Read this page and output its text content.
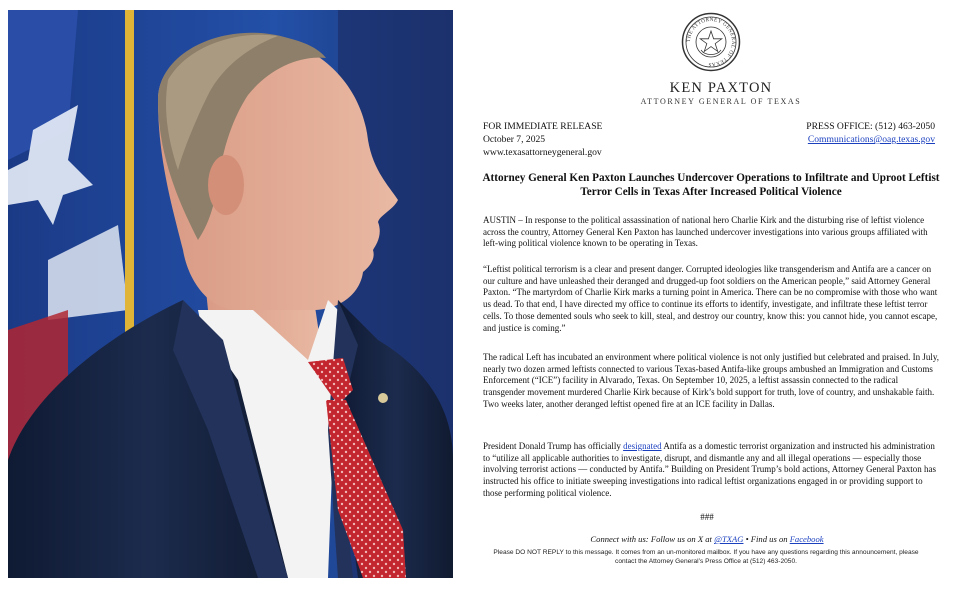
THE ATTORNEY GENERAL OF TEXAS
KEN PAXTON
ATTORNEY GENERAL OF TEXAS
FOR IMMEDIATE RELEASE
October 7, 2025
www.texasattorneygeneral.gov
PRESS OFFICE: (512) 463-2050
Communications@oag.texas.gov
Attorney General Ken Paxton Launches Undercover Operations to Infiltrate and Uproot Leftist Terror Cells in Texas After Increased Political Violence
AUSTIN – In response to the political assassination of national hero Charlie Kirk and the disturbing rise of leftist violence across the country, Attorney General Ken Paxton has launched undercover investigations into various groups affiliated with left-wing political violence known to be operating in Texas.
“Leftist political terrorism is a clear and present danger. Corrupted ideologies like transgenderism and Antifa are a cancer on our culture and have unleashed their deranged and drugged-up foot soldiers on the American people,” said Attorney General Paxton. “The martyrdom of Charlie Kirk marks a turning point in America. There can be no compromise with those who want us dead. To that end, I have directed my office to continue its efforts to identify, investigate, and infiltrate these leftist terror cells. To those demented souls who seek to kill, steal, and destroy our country, know this: you cannot hide, you cannot escape, and justice is coming.”
The radical Left has incubated an environment where political violence is not only justified but celebrated and praised. In July, nearly two dozen armed leftists connected to various Texas-based Antifa-like groups ambushed an Immigration and Customs Enforcement (“ICE”) facility in Alvarado, Texas. On September 10, 2025, a leftist assassin connected to the radical transgender movement murdered Charlie Kirk because of Kirk’s bold support for truth, love of country, and unshakable faith. Two weeks later, another deranged leftist opened fire at an ICE facility in Dallas.
President Donald Trump has officially designated Antifa as a domestic terrorist organization and instructed his administration to “utilize all applicable authorities to investigate, disrupt, and dismantle any and all illegal operations — especially those involving terrorist actions — conducted by Antifa.” Building on President Trump’s bold actions, Attorney General Paxton has instructed his office to initiate sweeping investigations into radical leftist organizations engaged in or providing support to those performing political violence.
###
Connect with us: Follow us on X at @TXAG • Find us on Facebook
Please DO NOT REPLY to this message. It comes from an un-monitored mailbox. If you have any questions regarding this announcement, please contact the Attorney General’s Press Office at (512) 463-2050.
